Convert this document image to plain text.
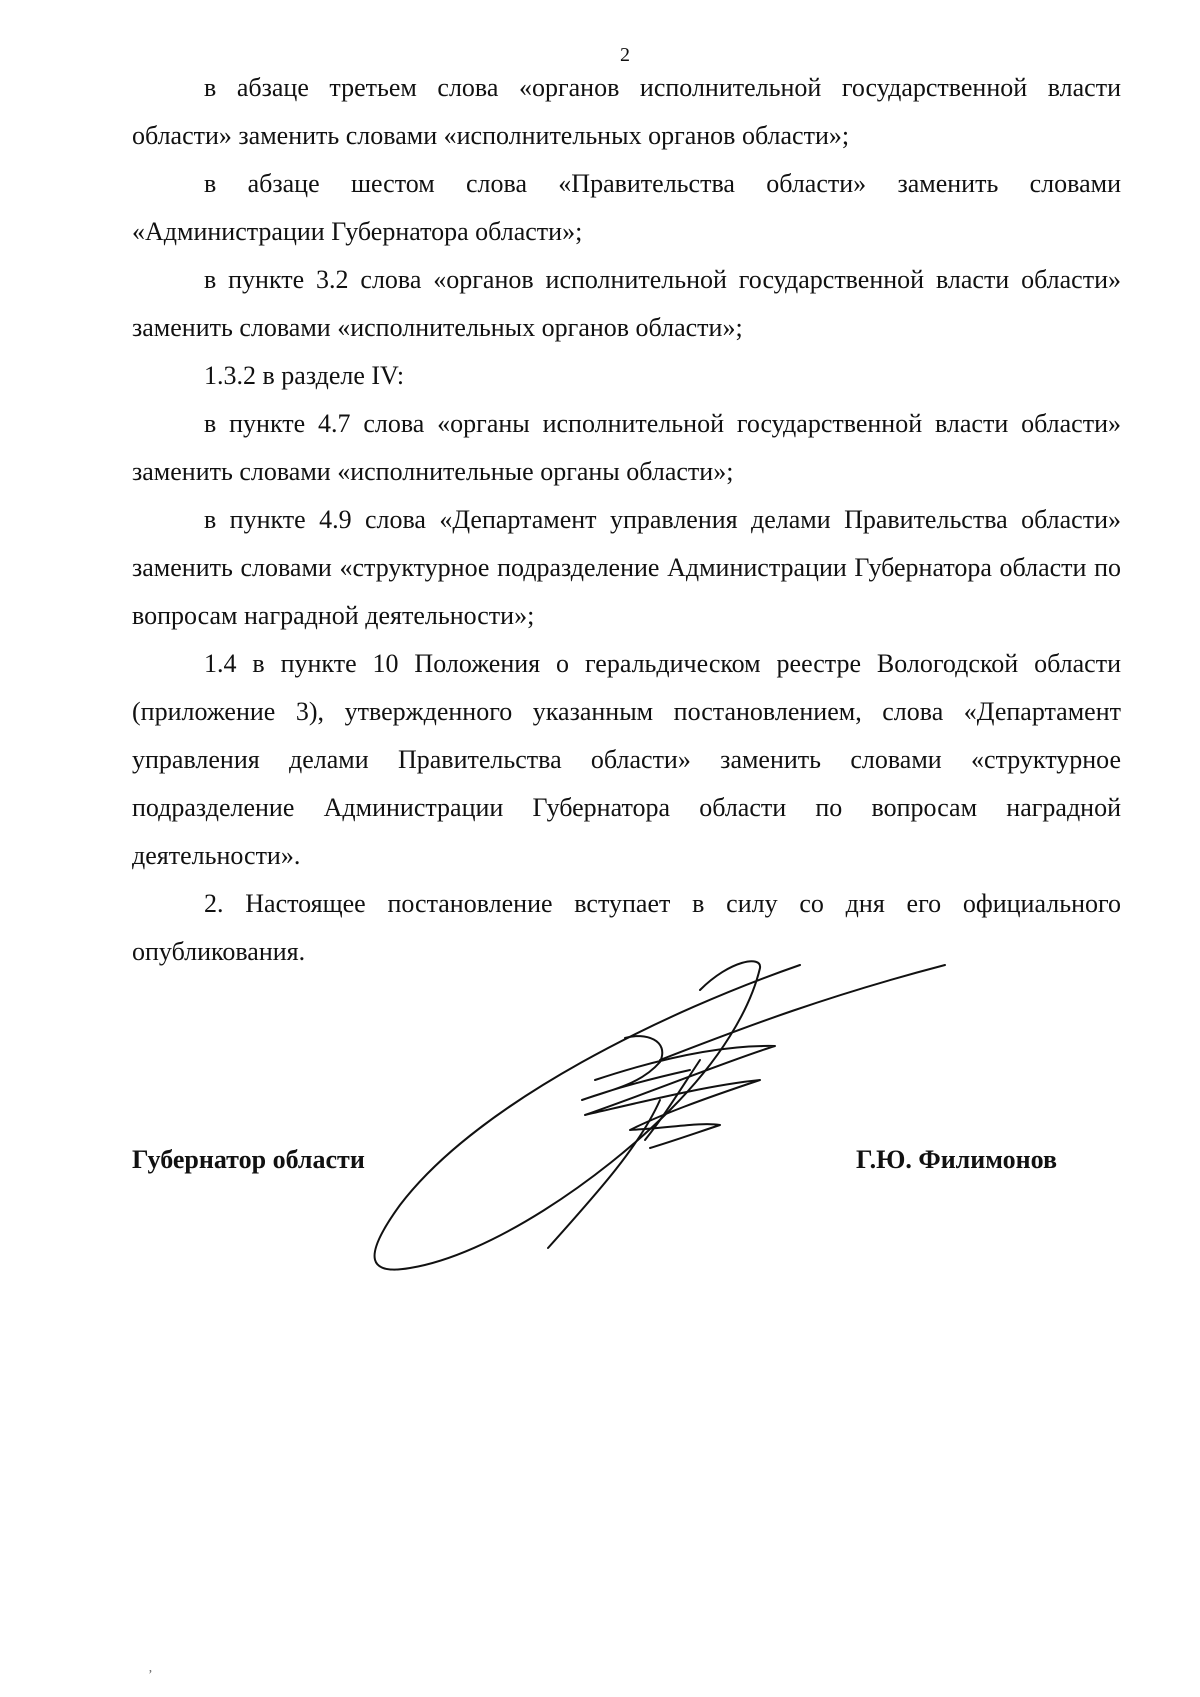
2

в абзаце третьем слова «органов исполнительной государственной власти области» заменить словами «исполнительных органов области»;

в абзаце шестом слова «Правительства области» заменить словами «Администрации Губернатора области»;

в пункте 3.2 слова «органов исполнительной государственной власти области» заменить словами «исполнительных органов области»;

1.3.2 в разделе IV:

в пункте 4.7 слова «органы исполнительной государственной власти области» заменить словами «исполнительные органы области»;

в пункте 4.9 слова «Департамент управления делами Правительства области» заменить словами «структурное подразделение Администрации Губернатора области по вопросам наградной деятельности»;

1.4 в пункте 10 Положения о геральдическом реестре Вологодской области (приложение 3), утвержденного указанным постановлением, слова «Департамент управления делами Правительства области» заменить словами «структурное подразделение Администрации Губернатора области по вопросам наградной деятельности».

2. Настоящее постановление вступает в силу со дня его официального опубликования.

Губернатор области	Г.Ю. Филимонов
’
